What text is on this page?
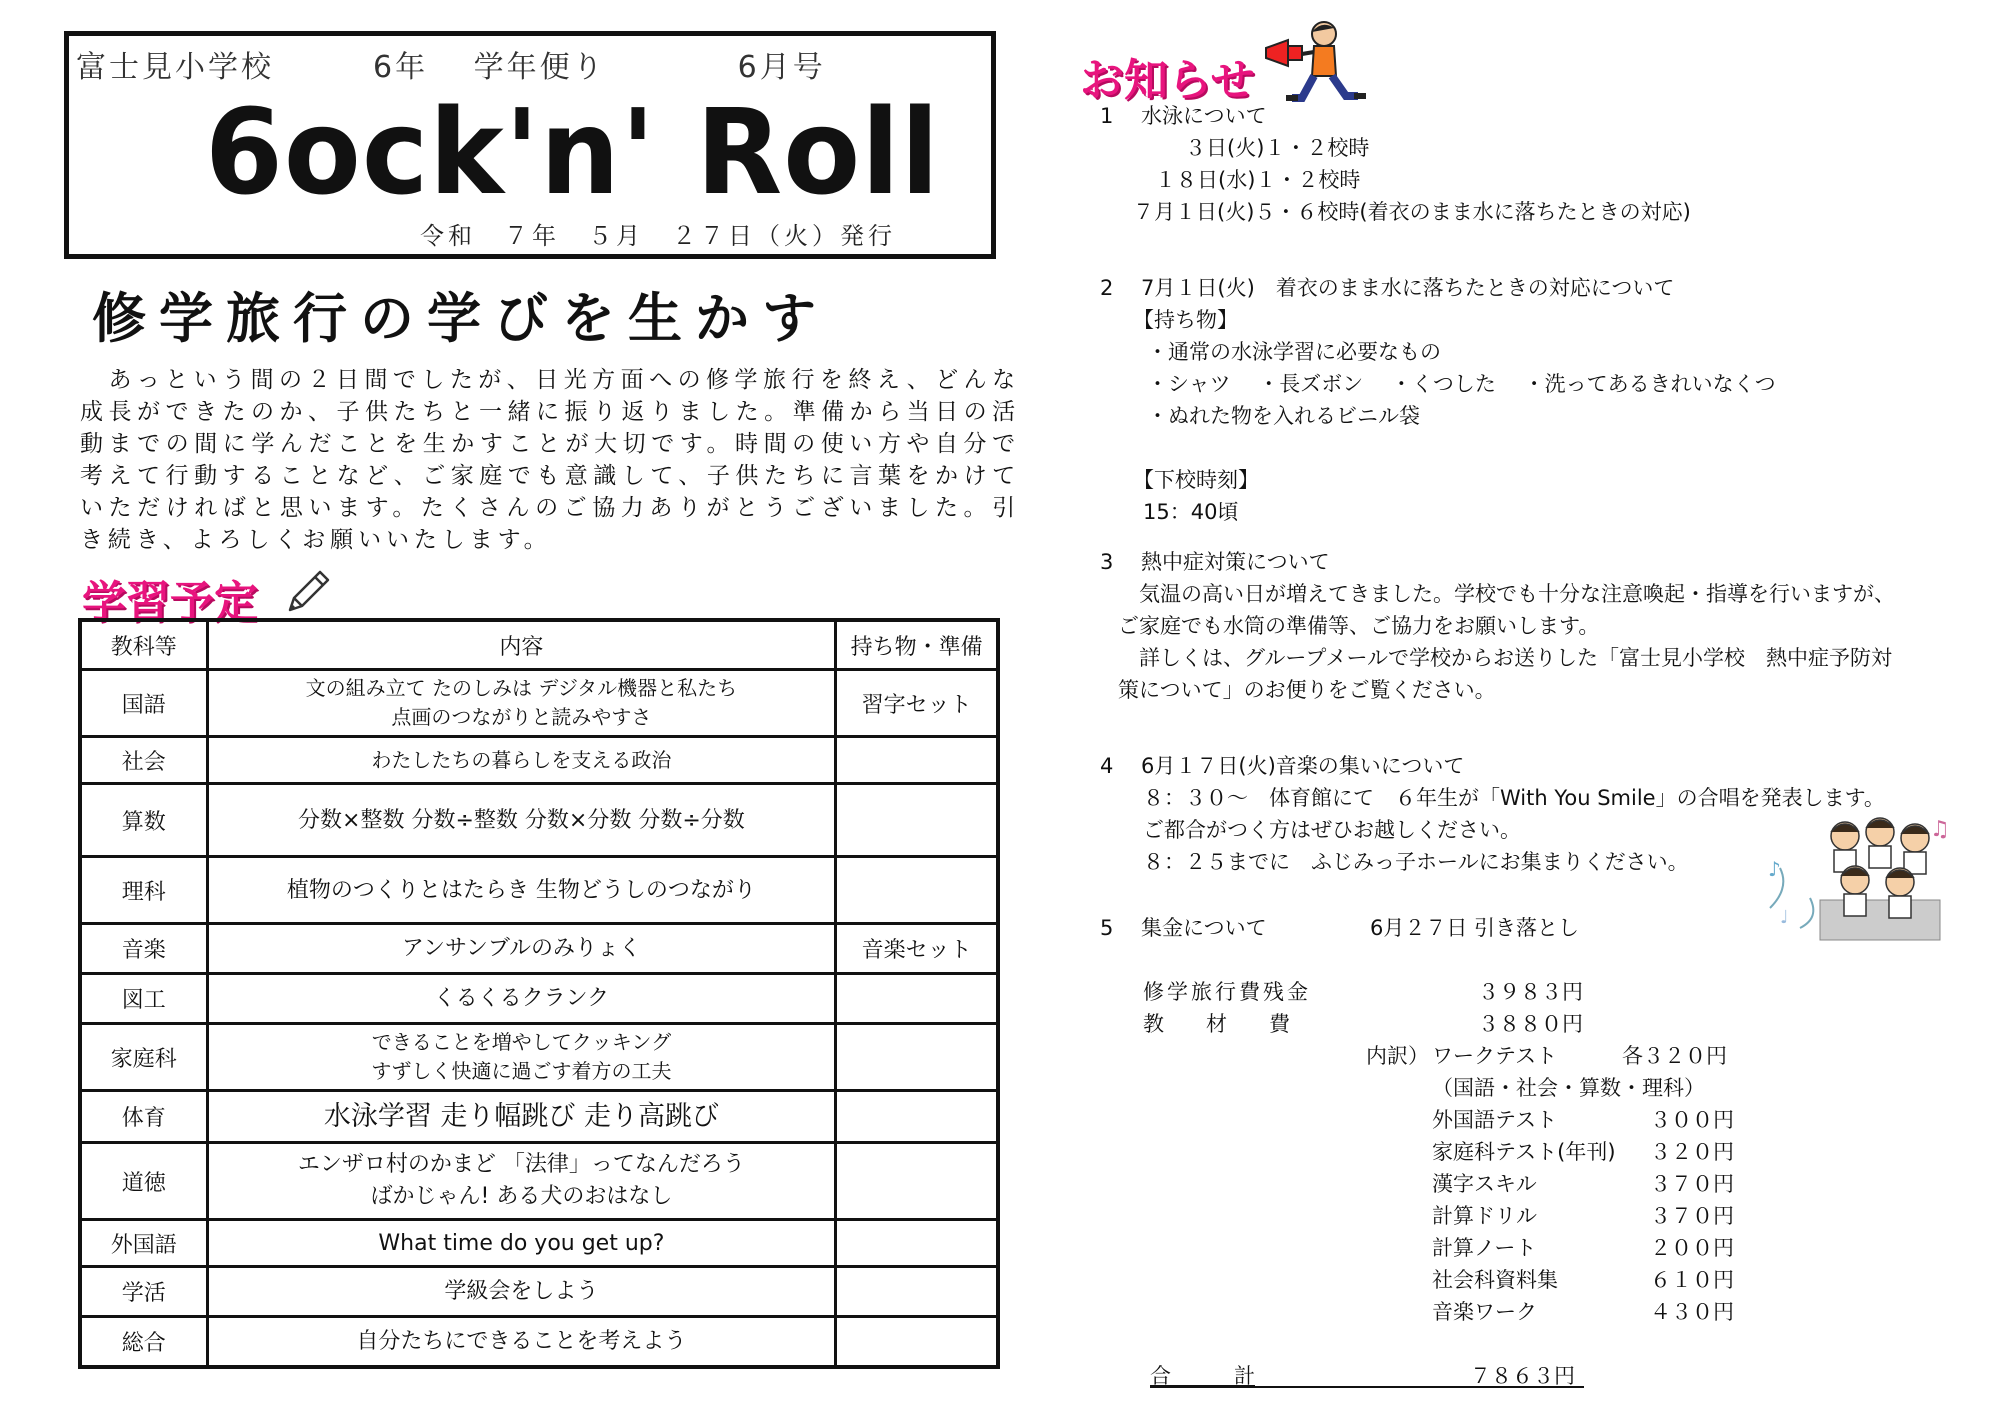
富士見小学校　　　	6年　 学年便り　　　　	6月号
6ock'n' Roll
令和　７年　５月　２７日（火）発行
修学旅行の学びを生かす
　あっという間の２日間でしたが、日光方面への修学旅行を終え、どんな成長ができたのか、子供たちと一緒に振り返りました。準備から当日の活動までの間に学んだことを生かすことが大切です。時間の使い方や自分で考えて行動することなど、ご家庭でも意識して、子供たちに言葉をかけていただければと思います。たくさんのご協力ありがとうございました。引き続き、よろしくお願いいたします。
学習予定
教科等	内容	持ち物・準備
国語	文の組み立て たのしみは デジタル機器と私たち
点画のつながりと読みやすさ	習字セット
社会	わたしたちの暮らしを支える政治	

算数	分数×整数 分数÷整数 分数×分数 分数÷分数	

理科	植物のつくりとはたらき 生物どうしのつながり	

音楽	アンサンブルのみりょく	音楽セット
図工	くるくるクランク	

家庭科	できることを増やしてクッキング
すずしく快適に過ごす着方の工夫	

体育	水泳学習 走り幅跳び 走り高跳び	

道徳	エンザロ村のかまど 「法律」ってなんだろう
ばかじゃん! ある犬のおはなし	

外国語	What time do you get up?	

学活	学級会をしよう	

総合	自分たちにできることを考えよう	

お知らせ
1　 水泳について
３日(火)１・２校時
１８日(水)１・２校時
７月１日(火)５・６校時(着衣のまま水に落ちたときの対応)
2　 7月１日(火)　着衣のまま水に落ちたときの対応について
【持ち物】
・通常の水泳学習に必要なもの
・シャツ　 ・長ズボン　 ・くつした　 ・洗ってあるきれいなくつ
・ぬれた物を入れるビニル袋
【下校時刻】
15：40頃
3　 熱中症対策について
　気温の高い日が増えてきました。学校でも十分な注意喚起・指導を行いますが、
ご家庭でも水筒の準備等、ご協力をお願いします。
　詳しくは、グループメールで学校からお送りした「富士見小学校　熱中症予防対
策について」のお便りをご覧ください。
4　 6月１７日(火)音楽の集いについて
８：３０～　体育館にて　６年生が「With You Smile」の合唱を発表します。
ご都合がつく方はぜひお越しください。
８：２５までに　ふじみっ子ホールにお集まりください。	♪
♫
♩
5　 集金について	6月２７日 引き落とし
修学旅行費残金	３９８３円
教　　材　　費	３８８０円
内訳） ワークテスト	各３２０円
（国語・社会・算数・理科）
外国語テスト	３００円
家庭科テスト(年刊) ３２０円
漢字スキル	３７０円
計算ドリル	３７０円
計算ノート	２００円
社会科資料集	６１０円
音楽ワーク	４３０円
合　　　計	７８６３円
